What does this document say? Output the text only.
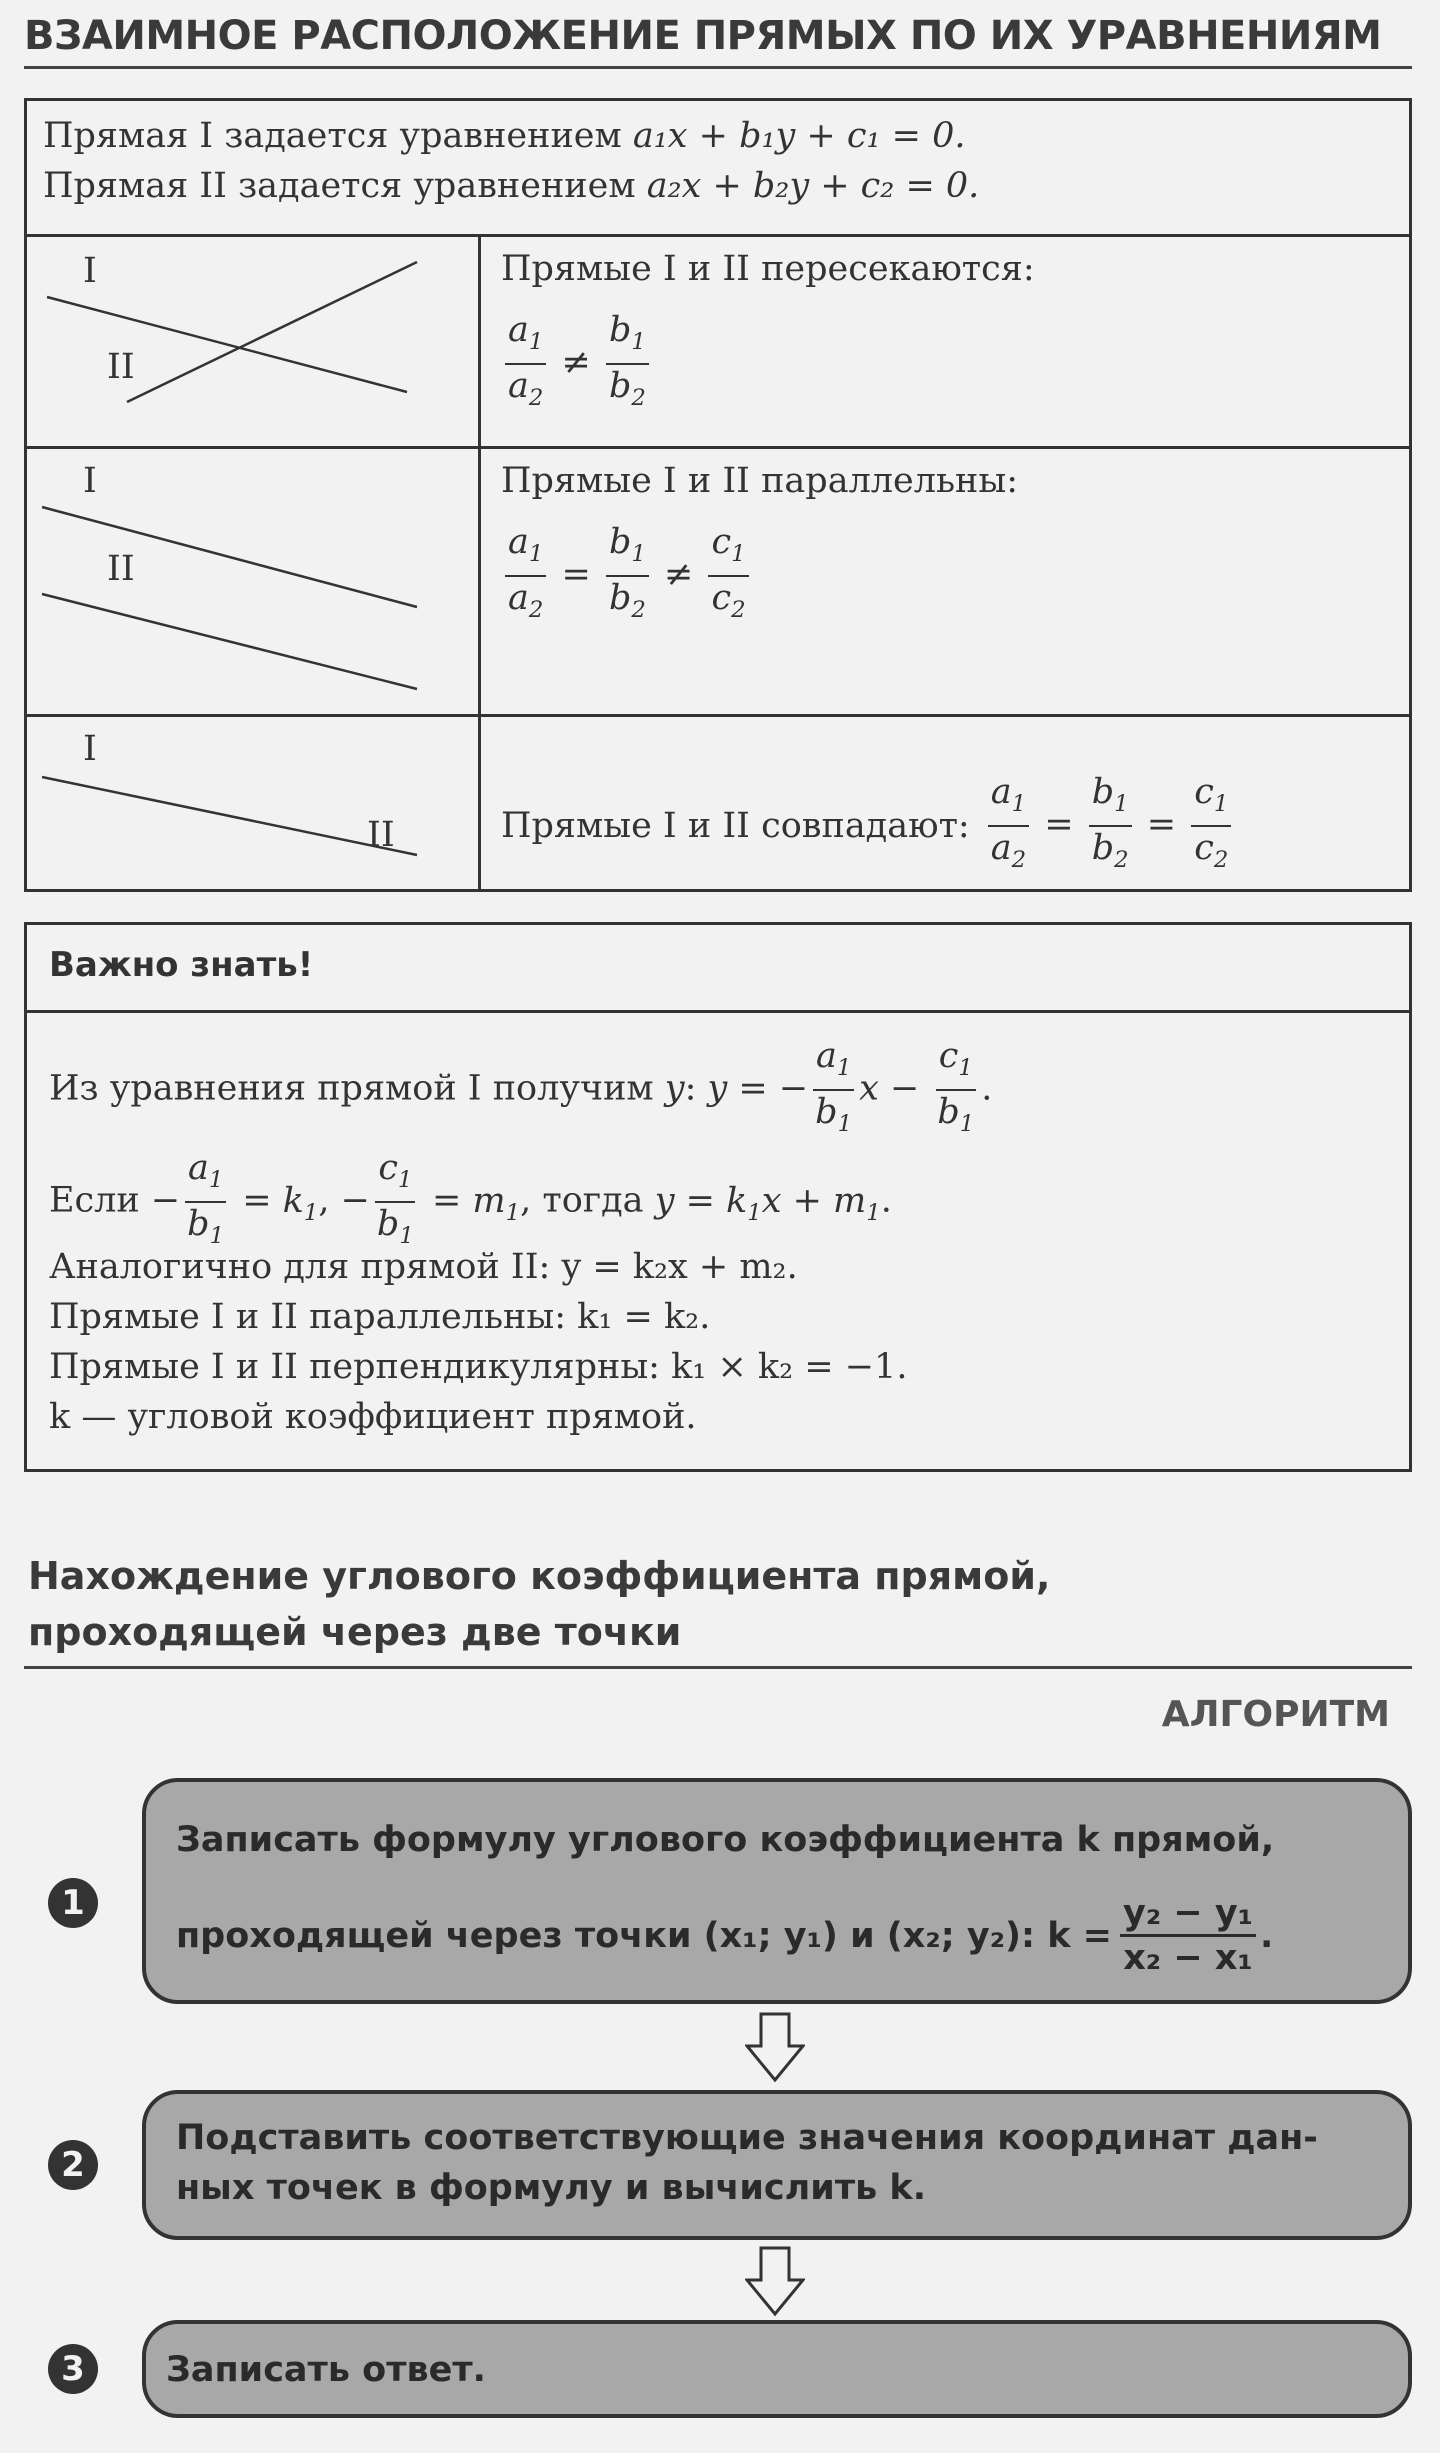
ВЗАИМНОЕ РАСПОЛОЖЕНИЕ ПРЯМЫХ ПО ИХ УРАВНЕНИЯМ
Прямая I задается уравнением a₁x + b₁y + c₁ = 0.
Прямая II задается уравнением a₂x + b₂y + c₂ = 0.
I
II
Прямые I и II пересекаются:
$\frac{a_1}{a_2} \ne \frac{b_1}{b_2}$
I
II
Прямые I и II параллельны:
$\frac{a_1}{a_2} = \frac{b_1}{b_2} \ne \frac{c_1}{c_2}$
I
II	Прямые I и II совпадают: $\frac{a_1}{a_2} = \frac{b_1}{b_2} = \frac{c_1}{c_2}$
Важно знать!
Из уравнения прямой I получим y: y = − $\frac{a_1}{b_1}$ $x - \frac{c_1}{b_1}$ .
Если − $\frac{a_1}{b_1} = k_1$, − $\frac{c_1}{b_1} = m_1$, тогда $y = k_1x + m_1$.
Аналогично для прямой II: y = k₂x + m₂.
Прямые I и II параллельны: k₁ = k₂.
Прямые I и II перпендикулярны: k₁ × k₂ = −1.
k — угловой коэффициент прямой.
Нахождение углового коэффициента прямой,
проходящей через две точки
АЛГОРИТМ
1
Записать формулу углового коэффициента k прямой,
проходящей через точки (x₁; y₁) и (x₂; y₂): $k = \frac{\text{y₂ − y₁}}{\text{x₂ − x₁}}$ .
2
Подставить соответствующие значения координат дан-
ных точек в формулу и вычислить k.
3	Записать ответ.
